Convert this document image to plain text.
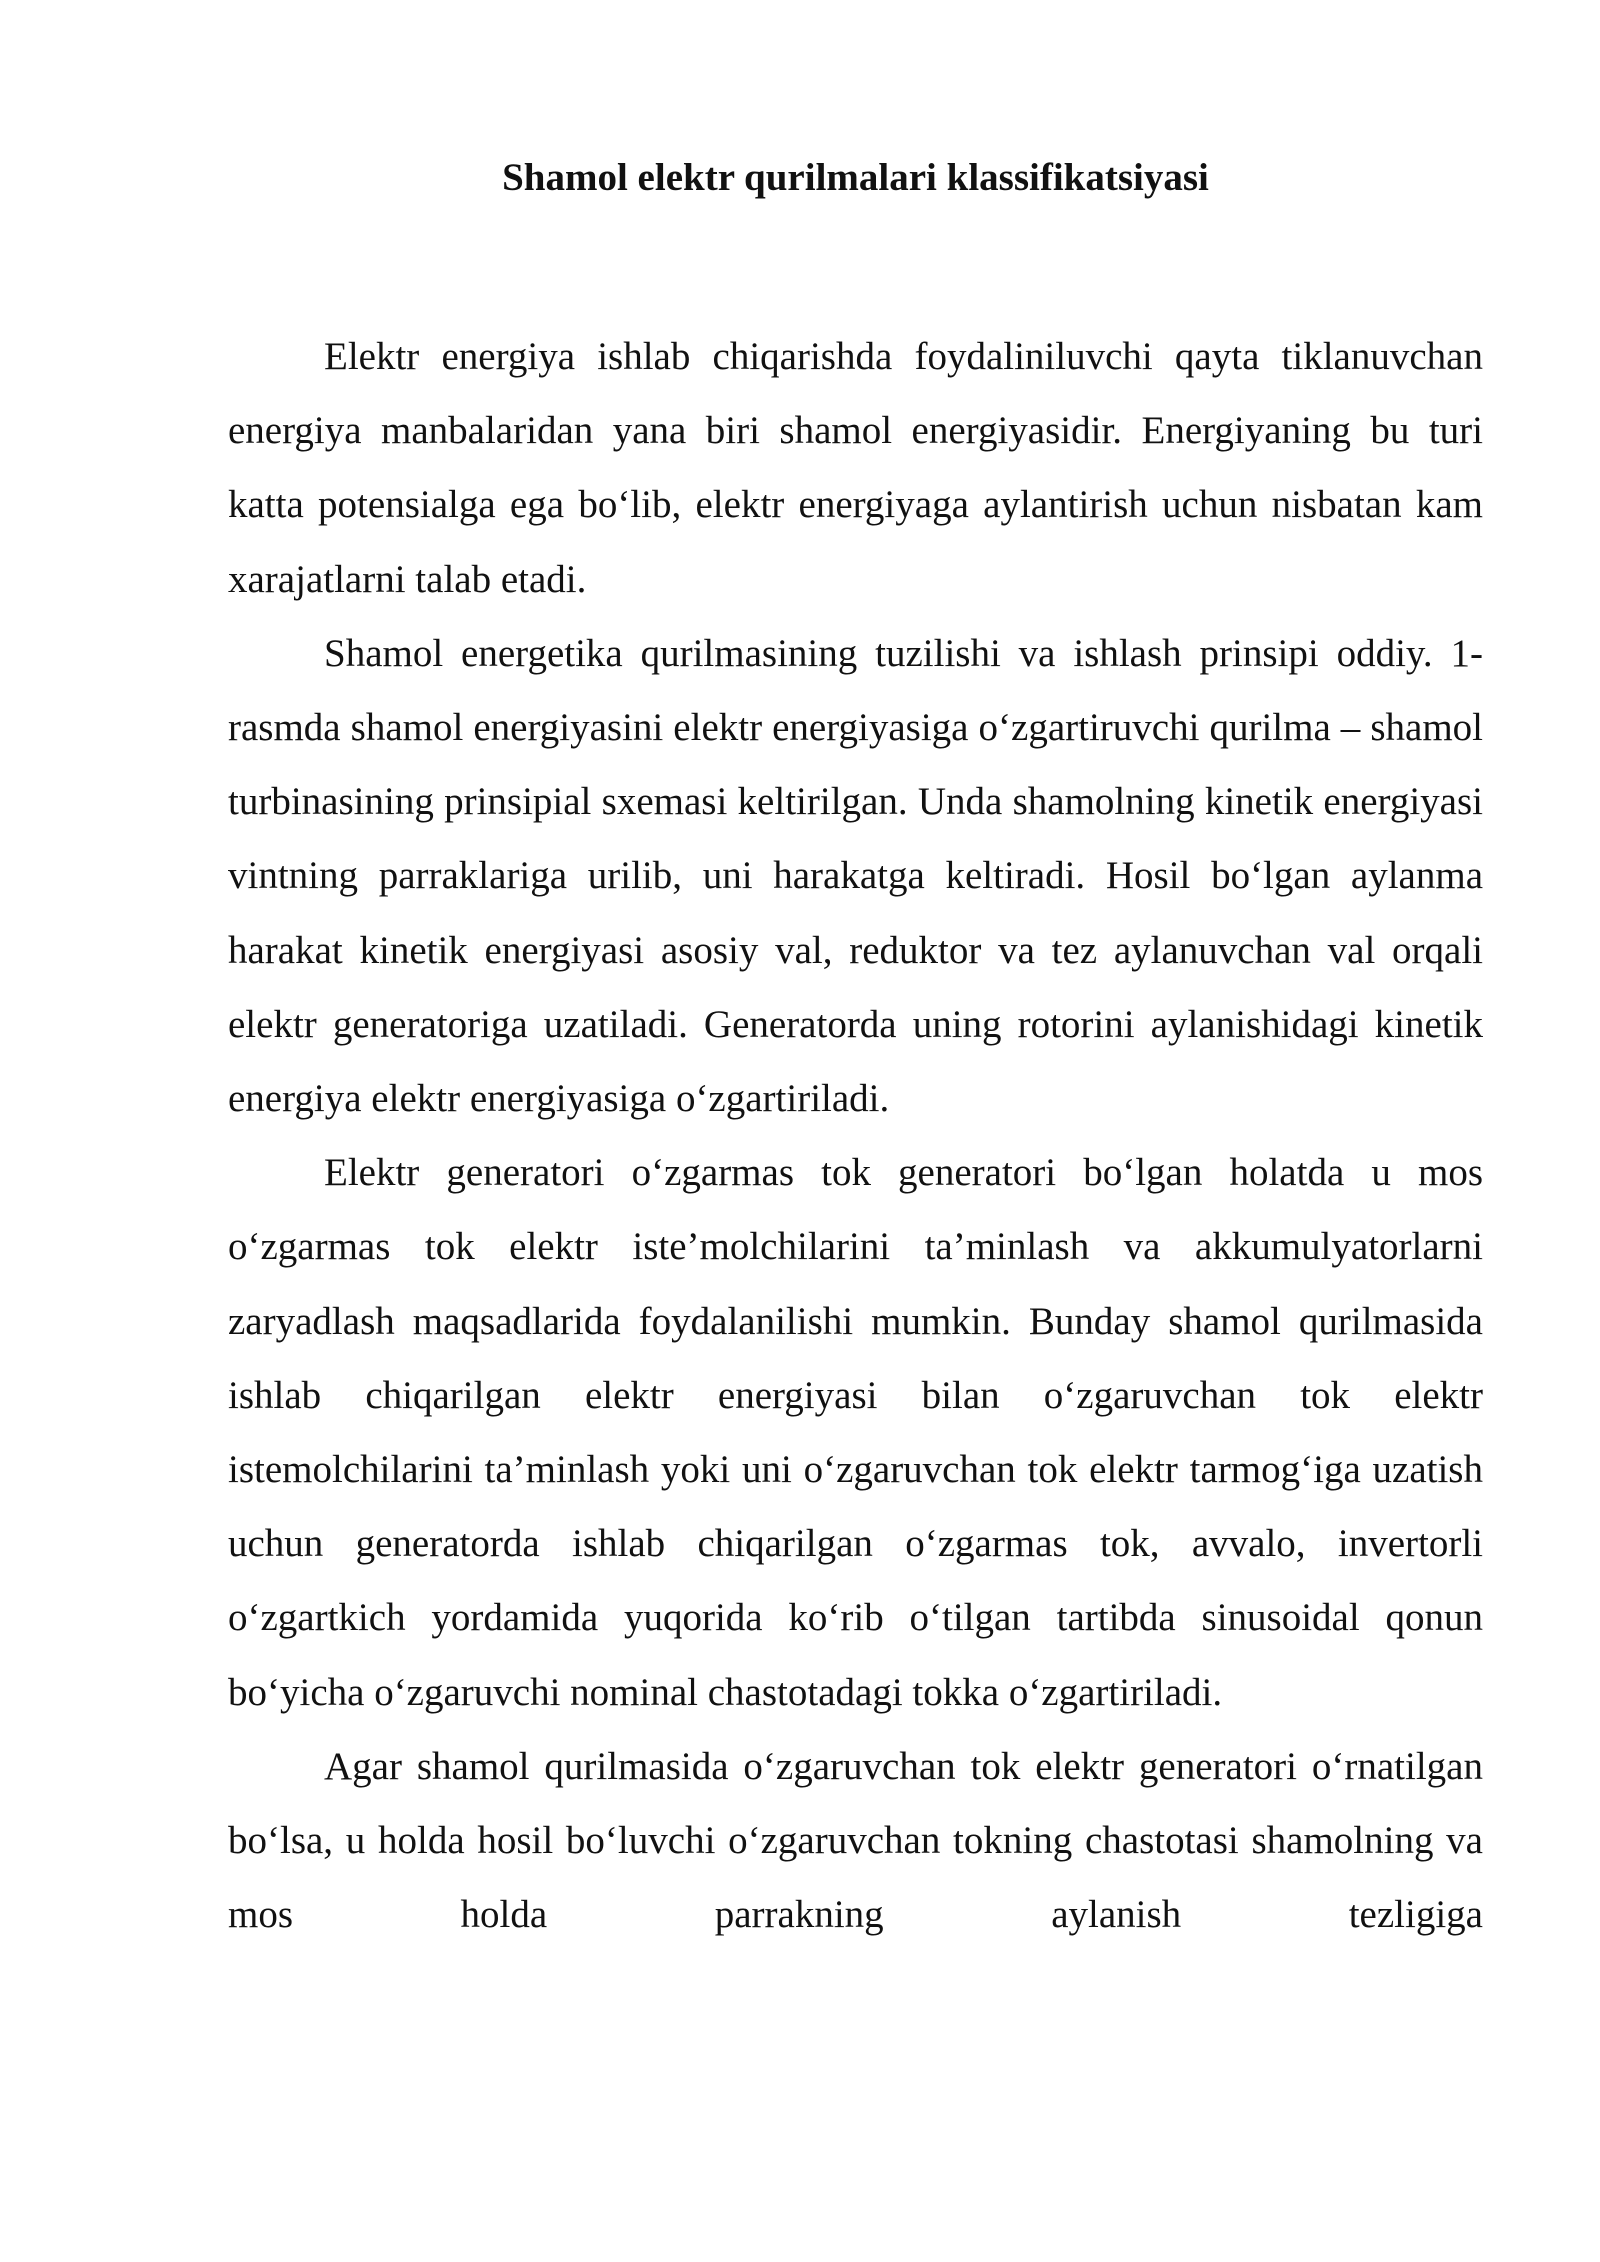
Shamol elektr qurilmalari klassifikatsiyasi

Elektr energiya ishlab chiqarishda foydaliniluvchi qayta tiklanuvchan energiya manbalaridan yana biri shamol energiyasidir. Energiyaning bu turi katta potensialga ega bo‘lib, elektr energiyaga aylantirish uchun nisbatan kam xarajatlarni talab etadi.

Shamol energetika qurilmasining tuzilishi va ishlash prinsipi oddiy. 1- rasmda shamol energiyasini elektr energiyasiga o‘zgartiruvchi qurilma – shamol turbinasining prinsipial sxemasi keltirilgan. Unda shamolning kinetik energiyasi vintning parraklariga urilib, uni harakatga keltiradi. Hosil bo‘lgan aylanma harakat kinetik energiyasi asosiy val, reduktor va tez aylanuvchan val orqali elektr generatoriga uzatiladi. Generatorda uning rotorini aylanishidagi kinetik energiya elektr energiyasiga o‘zgartiriladi.

Elektr generatori o‘zgarmas tok generatori bo‘lgan holatda u mos o‘zgarmas tok elektr iste’molchilarini ta’minlash va akkumulyatorlarni zaryadlash maqsadlarida foydalanilishi mumkin. Bunday shamol qurilmasida ishlab chiqarilgan elektr energiyasi bilan o‘zgaruvchan tok elektr istemolchilarini ta’minlash yoki uni o‘zgaruvchan tok elektr tarmog‘iga uzatish uchun generatorda ishlab chiqarilgan o‘zgarmas tok, avvalo, invertorli o‘zgartkich yordamida yuqorida ko‘rib o‘tilgan tartibda sinusoidal qonun bo‘yicha o‘zgaruvchi nominal chastotadagi tokka o‘zgartiriladi.

Agar shamol qurilmasida o‘zgaruvchan tok elektr generatori o‘rnatilgan bo‘lsa, u holda hosil bo‘luvchi o‘zgaruvchan tokning chastotasi shamolning va mos holda parrakning aylanish tezligiga
